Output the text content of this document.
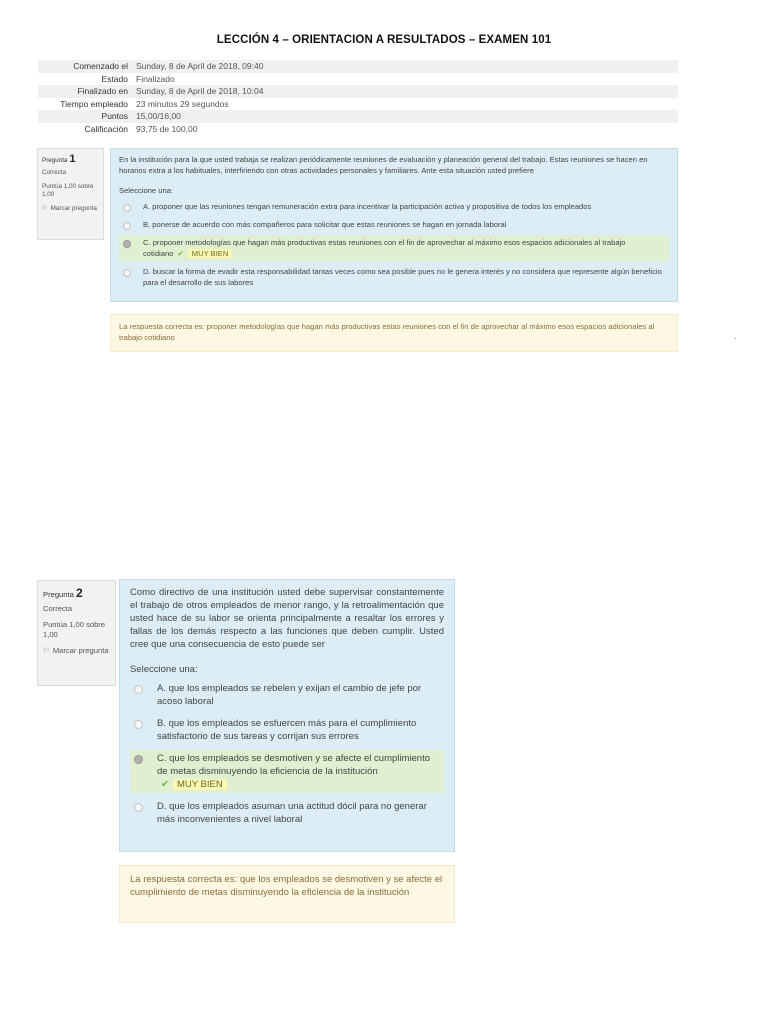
LECCIÓN 4 – ORIENTACION A RESULTADOS – EXAMEN 101
Comenzado el	Sunday, 8 de April de 2018, 09:40
Estado	Finalizado
Finalizado en	Sunday, 8 de April de 2018, 10:04
Tiempo empleado	23 minutos 29 segundos
Puntos	15,00/16,00
Calificación	93,75 de 100,00
Pregunta 1
Correcta
Puntúa 1,00 sobre 1,00
⚐ Marcar pregunta
En la institución para la que usted trabaja se realizan periódicamente reuniones de evaluación y planeación general del trabajo. Estas reuniones se hacen en horarios extra a los habituales, interfiriendo con otras actividades personales y familiares. Ante esta situación usted prefiere
Seleccione una:
A. proponer que las reuniones tengan remuneración extra para incentivar la participación activa y propositiva de todos los empleados
B. ponerse de acuerdo con más compañeros para solicitar que estas reuniones se hagan en jornada laboral
C. proponer metodologías que hagan más productivas estas reuniones con el fin de aprovechar al máximo esos espacios adicionales al trabajo cotidiano ✔ MUY BIEN
D. buscar la forma de evadir esta responsabilidad tantas veces como sea posible pues no le genera interés y no considera que represente algún beneficio para el desarrollo de sus labores
La respuesta correcta es: proponer metodologías que hagan más productivas estas reuniones con el fin de aprovechar al máximo esos espacios adicionales al trabajo cotidiano
Pregunta 2
Correcta
Puntúa 1,00 sobre 1,00
⚐ Marcar pregunta
Como directivo de una institución usted debe supervisar constantemente el trabajo de otros empleados de menor rango, y la retroalimentación que usted hace de su labor se orienta principalmente a resaltar los errores y fallas de los demás respecto a las funciones que deben cumplir. Usted cree que una consecuencia de esto puede ser
Seleccione una:
A. que los empleados se rebelen y exijan el cambio de jefe por acoso laboral
B. que los empleados se esfuercen más para el cumplimiento satisfactorio de sus tareas y corrijan sus errores
C. que los empleados se desmotiven y se afecte el cumplimiento de metas disminuyendo la eficiencia de la institución
✔ MUY BIEN
D. que los empleados asuman una actitud dócil para no generar más inconvenientes a nivel laboral
La respuesta correcta es: que los empleados se desmotiven y se afecte el cumplimiento de metas disminuyendo la eficiencia de la institución
